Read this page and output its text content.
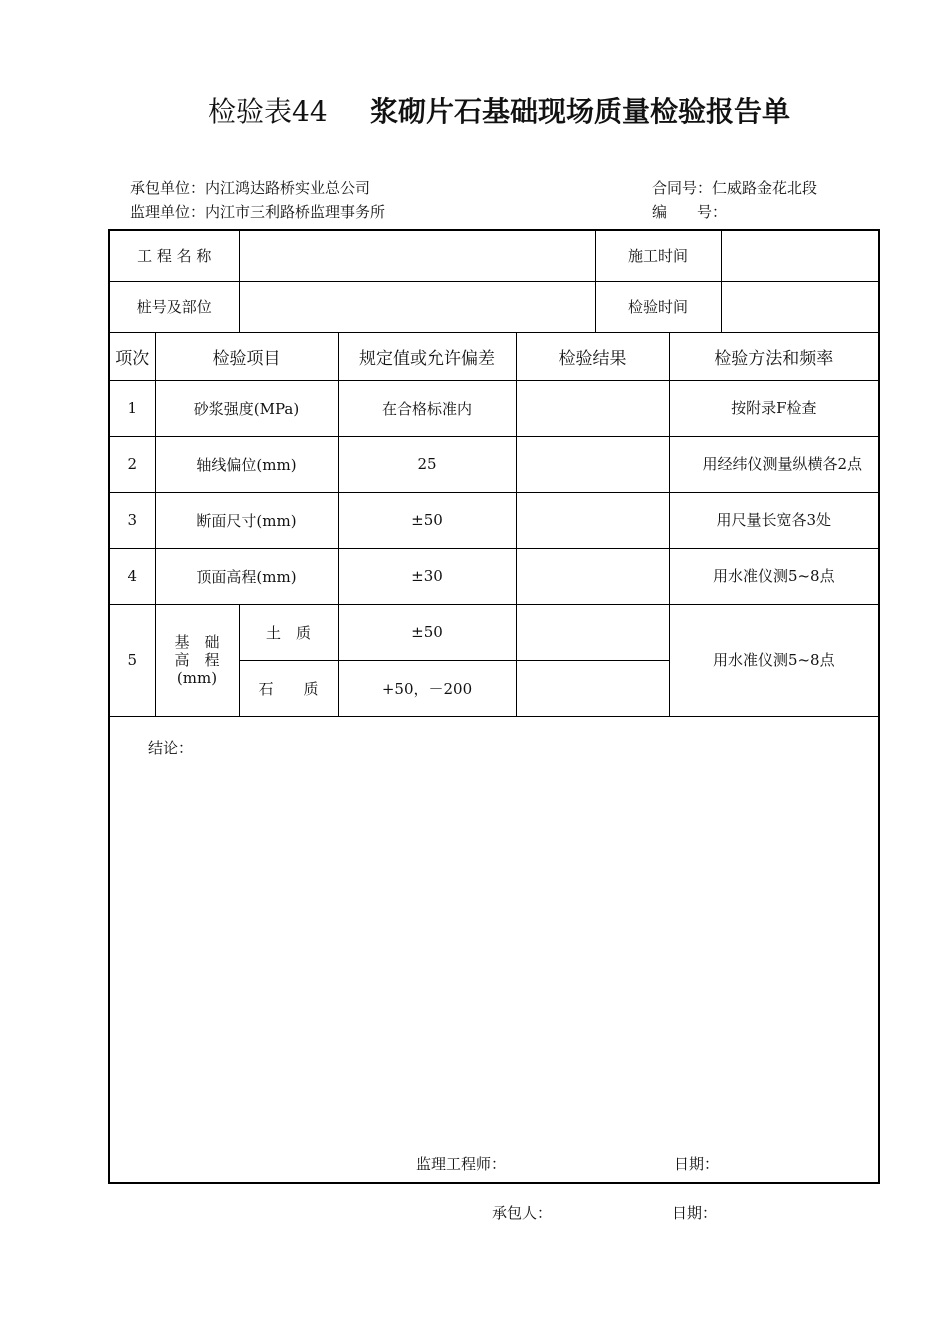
检验表44 浆砌片石基础现场质量检验报告单
承包单位：内江鸿达路桥实业总公司	合同号：仁威路金花北段
监理单位：内江市三利路桥监理事务所	编　　号：
工 程 名 称					施工时间		
桩号及部位					检验时间		
项次	检验项目		规定值或允许偏差	检验结果		检验方法和频率	
1	砂浆强度(MPa)		在合格标准内			按附录F检查	
2	轴线偏位(mm)		25			用经纬仪测量纵横各2点	
3	断面尺寸(mm)		±50			用尺量长宽各3处	
4	顶面高程(mm)		±30			用水准仪测5~8点	
5	基　础
高　程
(mm)	土　质	±50			用水准仪测5~8点	
		石　　质	+50，－200				

结论：
监理工程师： 日期：							
承包人：	日期：
